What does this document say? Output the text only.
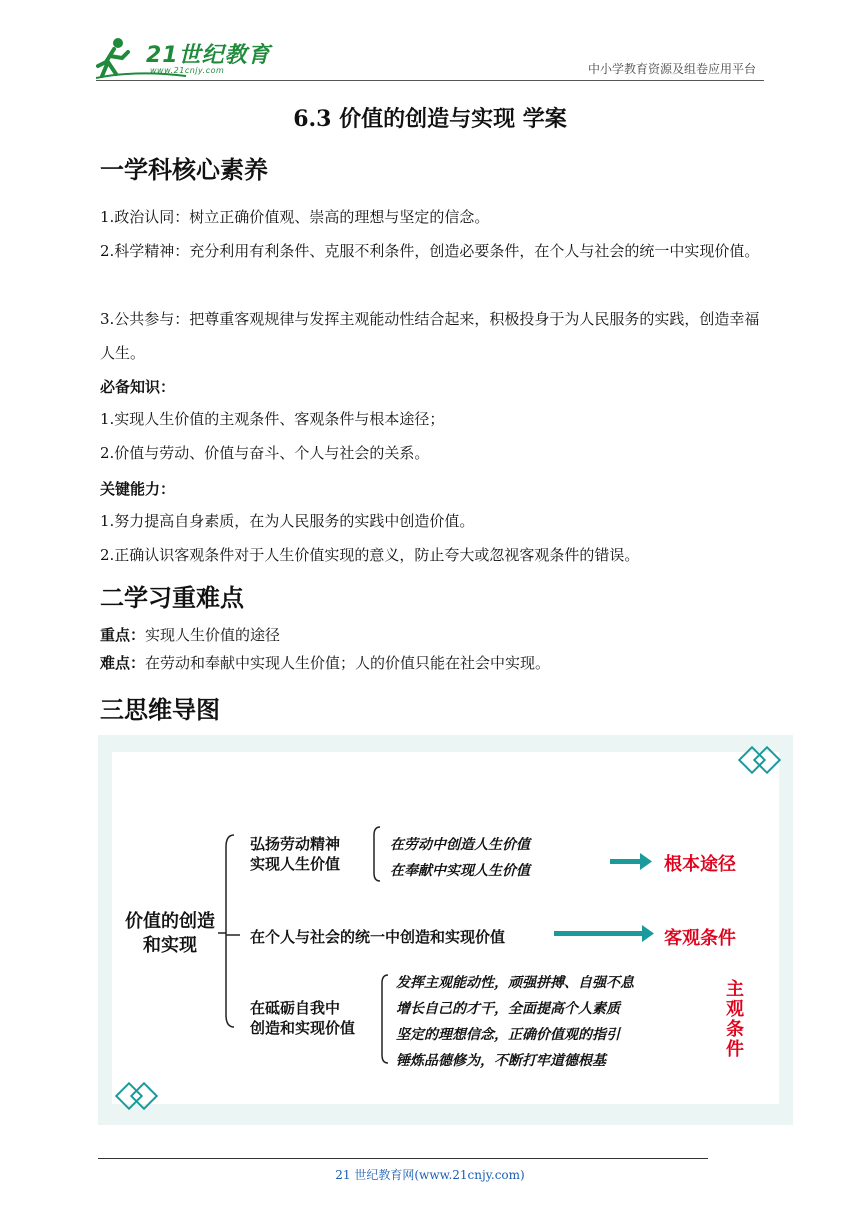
21世纪教育
www.21cnjy.com	中小学教育资源及组卷应用平台
6.3 价值的创造与实现 学案
一学科核心素养
1.政治认同：树立正确价值观、崇高的理想与坚定的信念。
2.科学精神：充分利用有利条件、克服不利条件，创造必要条件，在个人与社会的统一中实现价值。
3.公共参与：把尊重客观规律与发挥主观能动性结合起来，积极投身于为人民服务的实践，创造幸福人生。
必备知识：
1.实现人生价值的主观条件、客观条件与根本途径；
2.价值与劳动、价值与奋斗、个人与社会的关系。
关键能力：
1.努力提高自身素质，在为人民服务的实践中创造价值。
2.正确认识客观条件对于人生价值实现的意义，防止夸大或忽视客观条件的错误。
二学习重难点
重点：实现人生价值的途径
难点：在劳动和奉献中实现人生价值；人的价值只能在社会中实现。
三思维导图
价值的创造
和实现
弘扬劳动精神
实现人生价值
在劳动中创造人生价值
在奉献中实现人生价值	根本途径
在个人与社会的统一中创造和实现价值	客观条件
在砥砺自我中
创造和实现价值
发挥主观能动性，顽强拼搏、自强不息
增长自己的才干，全面提高个人素质
坚定的理想信念，正确价值观的指引
锤炼品德修为，不断打牢道德根基
主
观
条
件
21 世纪教育网(www.21cnjy.com)
